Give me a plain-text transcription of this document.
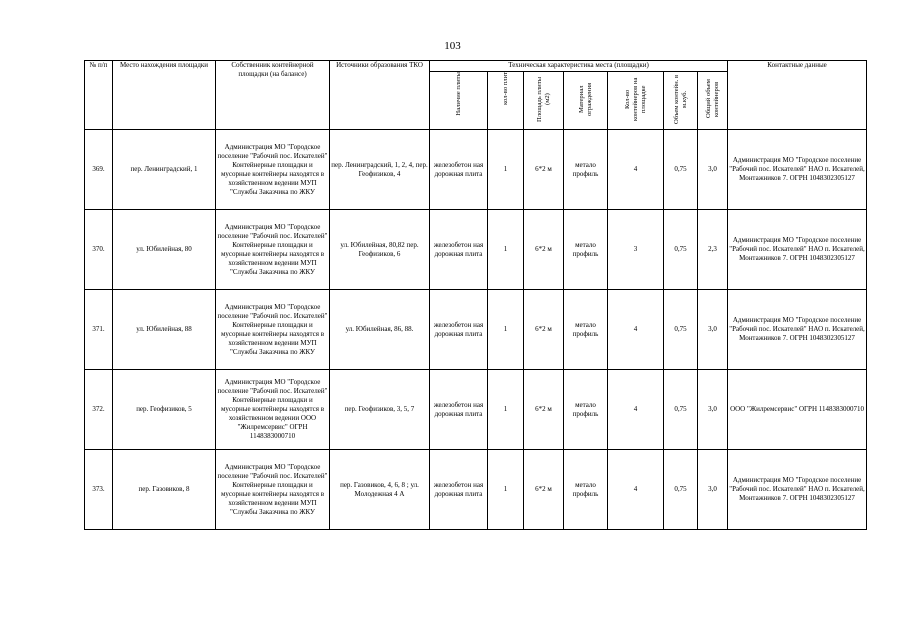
103
№ п/п	Место нахождения площадки	Собственник контейнерной площадки (на балансе)	Источники образования ТКО	Техническая характеристика места (площадки)							Контактные данные
				Наличие плиты	кол-во плит	Площадь плиты (м2)	Материал ограждения	Кол-во контейнеров на площадке	Объем контейн. в м.куб.	Общий объем контейнеров	
369.	пер. Ленинградский, 1	Администрация МО "Городское поселение "Рабочий пос. Искателей" Контейнерные площадки и мусорные контейнеры находятся в хозяйственном ведении МУП "Службы Заказчика по ЖКУ	пер. Ленинградский, 1, 2, 4, пер. Геофизиков, 4	железобетон ная дорожная плита	1	6*2 м	метало профиль	4	0,75	3,0	Администрация МО "Городское поселение "Рабочий пос. Искателей" НАО п. Искателей, Монтажников 7. ОГРН 1048302305127
370.	ул. Юбилейная, 80	Администрация МО "Городское поселение "Рабочий пос. Искателей" Контейнерные площадки и мусорные контейнеры находятся в хозяйственном ведении МУП "Службы Заказчика по ЖКУ	ул. Юбилейная, 80,82 пер. Геофизиков, 6	железобетон ная дорожная плита	1	6*2 м	метало профиль	3	0,75	2,3	Администрация МО "Городское поселение "Рабочий пос. Искателей" НАО п. Искателей, Монтажников 7. ОГРН 1048302305127
371.	ул. Юбилейная, 88	Администрация МО "Городское поселение "Рабочий пос. Искателей" Контейнерные площадки и мусорные контейнеры находятся в хозяйственном ведении МУП "Службы Заказчика по ЖКУ	ул. Юбилейная, 86, 88.	железобетон ная дорожная плита	1	6*2 м	метало профиль	4	0,75	3,0	Администрация МО "Городское поселение "Рабочий пос. Искателей" НАО п. Искателей, Монтажников 7. ОГРН 1048302305127
372.	пер. Геофизиков, 5	Администрация МО "Городское поселение "Рабочий пос. Искателей" Контейнерные площадки и мусорные контейнеры находятся в хозяйственном ведении ООО "Жилремсервис" ОГРН 1148383000710	пер. Геофизиков, 3, 5, 7	железобетон ная дорожная плита	1	6*2 м	метало профиль	4	0,75	3,0	ООО "Жилремсервис" ОГРН 1148383000710
373.	пер. Газовиков, 8	Администрация МО "Городское поселение "Рабочий пос. Искателей" Контейнерные площадки и мусорные контейнеры находятся в хозяйственном ведении МУП "Службы Заказчика по ЖКУ	пер. Газовиков, 4, 6, 8 ; ул. Молодежная 4 А	железобетон ная дорожная плита	1	6*2 м	метало профиль	4	0,75	3,0	Администрация МО "Городское поселение "Рабочий пос. Искателей" НАО п. Искателей, Монтажников 7. ОГРН 1048302305127
